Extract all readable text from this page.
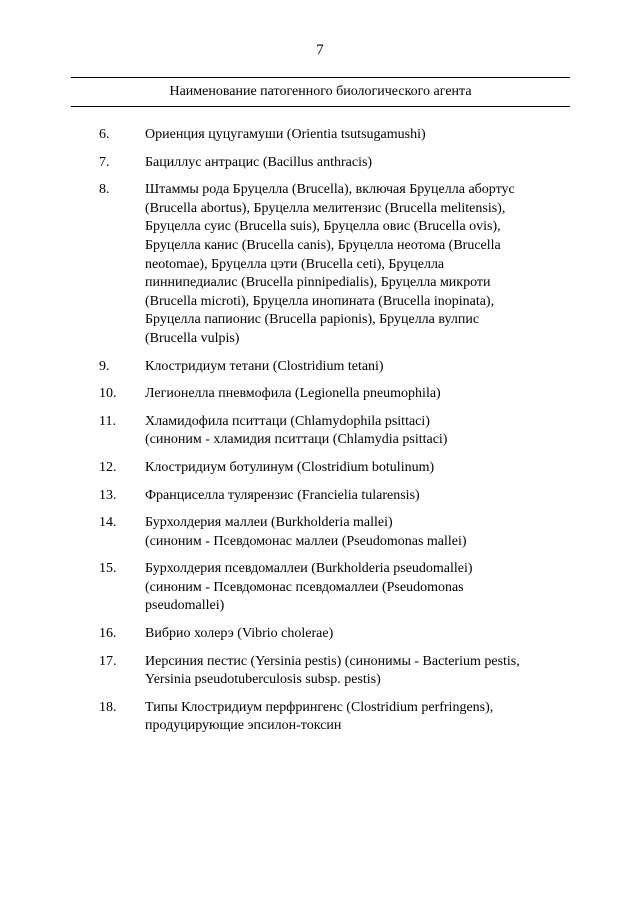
7
Наименование патогенного биологического агента
6.	Ориенция цуцугамуши (Orientia tsutsugamushi)
7.	Бациллус антрацис (Bacillus anthracis)
8.	Штаммы рода Бруцелла (Brucella), включая Бруцелла абортус
(Brucella abortus), Бруцелла мелитензис (Brucella melitensis),
Бруцелла суис (Brucella suis), Бруцелла овис (Brucella ovis),
Бруцелла канис (Brucella canis), Бруцелла неотома (Brucella
neotomae), Бруцелла цэти (Brucella ceti), Бруцелла
пиннипедиалис (Brucella pinnipedialis), Бруцелла микроти
(Brucella microti), Бруцелла инопината (Brucella inopinata),
Бруцелла папионис (Brucella papionis), Бруцелла вулпис
(Brucella vulpis)
9.	Клостридиум тетани (Clostridium tetani)
10.	Легионелла пневмофила (Legionella pneumophila)
11.	Хламидофила пситтаци (Chlamydophila psittaci)
(синоним - хламидия пситтаци (Chlamydia psittaci)
12.	Клостридиум ботулинум (Clostridium botulinum)
13.	Франциселла тулярензис (Francielia tularensis)
14.	Бурхолдерия маллеи (Burkholderia mallei)
(синоним - Псевдомонас маллеи (Pseudomonas mallei)
15.	Бурхолдерия псевдомаллеи (Burkholderia pseudomallei)
(синоним - Псевдомонас псевдомаллеи (Pseudomonas
pseudomallei)
16.	Вибрио холерэ (Vibrio cholerae)
17.	Иерсиния пестис (Yersinia pestis) (синонимы - Bacterium pestis,
Yersinia pseudotuberculosis subsp. pestis)
18.	Типы Клостридиум перфрингенс (Clostridium perfringens),
продуцирующие эпсилон-токсин
